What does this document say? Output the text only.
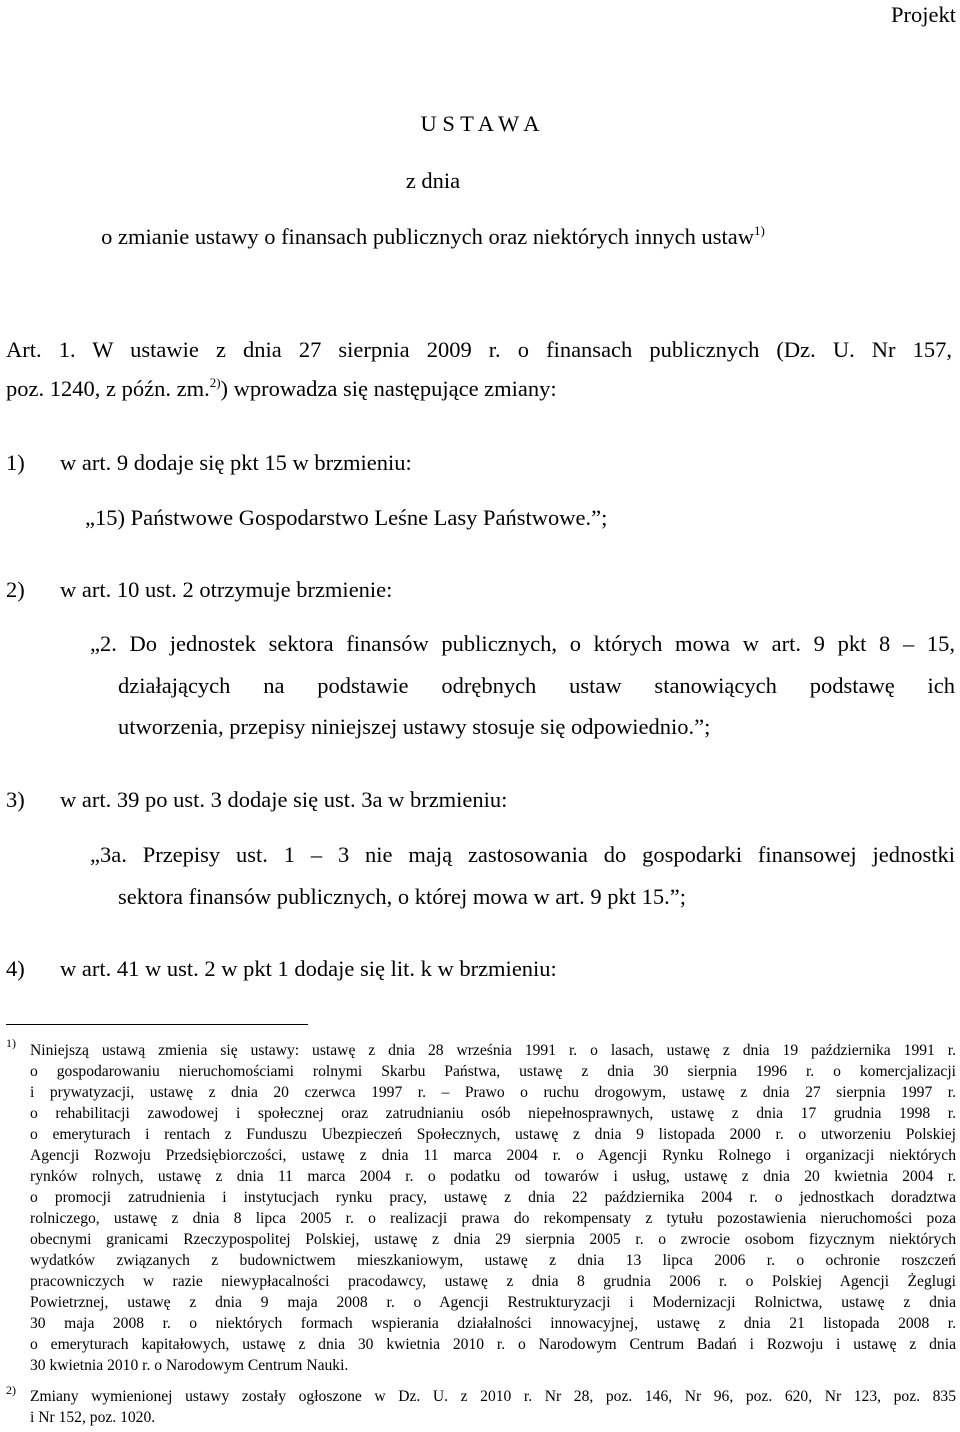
Projekt
U S T A W A
z dnia
o zmianie ustawy o finansach publicznych oraz niektórych innych ustaw$^{1)}$
Art. 1. W ustawie z dnia 27 sierpnia 2009 r. o finansach publicznych (Dz. U. Nr 157,
poz. 1240, z późn. zm.$^{2)}$) wprowadza się następujące zmiany:
1) w art. 9 dodaje się pkt 15 w brzmieniu:
„15) Państwowe Gospodarstwo Leśne Lasy Państwowe.”;
2) w art. 10 ust. 2 otrzymuje brzmienie:
„2. Do jednostek sektora finansów publicznych, o których mowa w art. 9 pkt 8 – 15,
działających na podstawie odrębnych ustaw stanowiących podstawę ich
utworzenia, przepisy niniejszej ustawy stosuje się odpowiednio.”;
3) w art. 39 po ust. 3 dodaje się ust. 3a w brzmieniu:
„3a. Przepisy ust. 1 – 3 nie mają zastosowania do gospodarki finansowej jednostki
sektora finansów publicznych, o której mowa w art. 9 pkt 15.”;
4) w art. 41 w ust. 2 w pkt 1 dodaje się lit. k w brzmieniu:
1) Niniejszą ustawą zmienia się ustawy: ustawę z dnia 28 września 1991 r. o lasach, ustawę z dnia 19 października 1991 r.
o gospodarowaniu nieruchomościami rolnymi Skarbu Państwa, ustawę z dnia 30 sierpnia 1996 r. o komercjalizacji
i prywatyzacji, ustawę z dnia 20 czerwca 1997 r. – Prawo o ruchu drogowym, ustawę z dnia 27 sierpnia 1997 r.
o rehabilitacji zawodowej i społecznej oraz zatrudnianiu osób niepełnosprawnych, ustawę z dnia 17 grudnia 1998 r.
o emeryturach i rentach z Funduszu Ubezpieczeń Społecznych, ustawę z dnia 9 listopada 2000 r. o utworzeniu Polskiej
Agencji Rozwoju Przedsiębiorczości, ustawę z dnia 11 marca 2004 r. o Agencji Rynku Rolnego i organizacji niektórych
rynków rolnych, ustawę z dnia 11 marca 2004 r. o podatku od towarów i usług, ustawę z dnia 20 kwietnia 2004 r.
o promocji zatrudnienia i instytucjach rynku pracy, ustawę z dnia 22 października 2004 r. o jednostkach doradztwa
rolniczego, ustawę z dnia 8 lipca 2005 r. o realizacji prawa do rekompensaty z tytułu pozostawienia nieruchomości poza
obecnymi granicami Rzeczypospolitej Polskiej, ustawę z dnia 29 sierpnia 2005 r. o zwrocie osobom fizycznym niektórych
wydatków związanych z budownictwem mieszkaniowym, ustawę z dnia 13 lipca 2006 r. o ochronie roszczeń
pracowniczych w razie niewypłacalności pracodawcy, ustawę z dnia 8 grudnia 2006 r. o Polskiej Agencji Żeglugi
Powietrznej, ustawę z dnia 9 maja 2008 r. o Agencji Restrukturyzacji i Modernizacji Rolnictwa, ustawę z dnia
30 maja 2008 r. o niektórych formach wspierania działalności innowacyjnej, ustawę z dnia 21 listopada 2008 r.
o emeryturach kapitałowych, ustawę z dnia 30 kwietnia 2010 r. o Narodowym Centrum Badań i Rozwoju i ustawę z dnia
30 kwietnia 2010 r. o Narodowym Centrum Nauki.
2) Zmiany wymienionej ustawy zostały ogłoszone w Dz. U. z 2010 r. Nr 28, poz. 146, Nr 96, poz. 620, Nr 123, poz. 835
i Nr 152, poz. 1020.
